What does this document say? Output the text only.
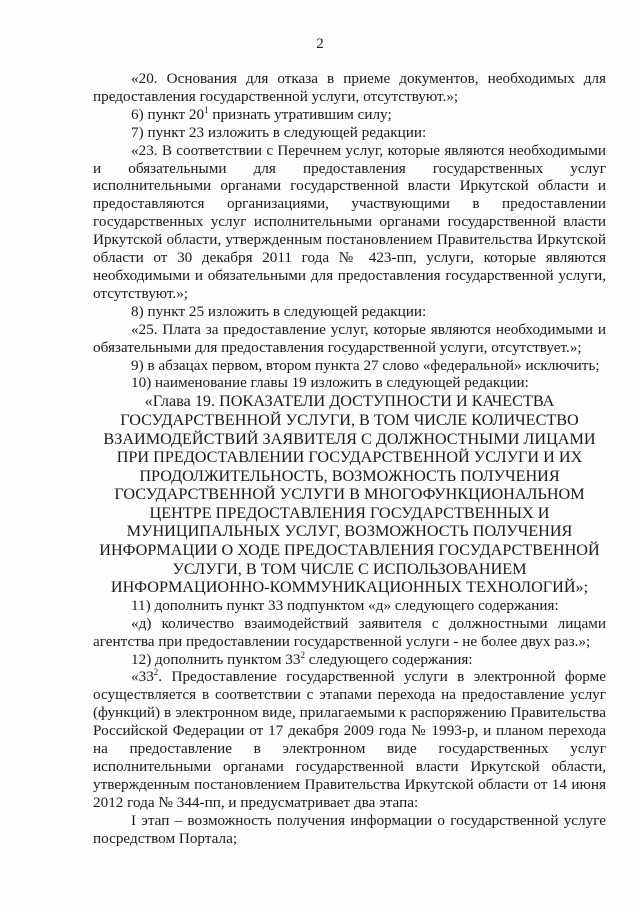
2

«20. Основания для отказа в приеме документов, необходимых для предоставления государственной услуги, отсутствуют.»;

6) пункт $20^1$ признать утратившим силу;

7) пункт 23 изложить в следующей редакции:

«23. В соответствии с Перечнем услуг, которые являются необходимыми и обязательными для предоставления государственных услуг исполнительными органами государственной власти Иркутской области и предоставляются организациями, участвующими в предоставлении государственных услуг исполнительными органами государственной власти Иркутской области, утвержденным постановлением Правительства Иркутской области от 30 декабря 2011 года № 423-пп, услуги, которые являются необходимыми и обязательными для предоставления государственной услуги, отсутствуют.»;

8) пункт 25 изложить в следующей редакции:

«25. Плата за предоставление услуг, которые являются необходимыми и обязательными для предоставления государственной услуги, отсутствует.»;

9) в абзацах первом, втором пункта 27 слово «федеральной» исключить;

10) наименование главы 19 изложить в следующей редакции:

«Глава 19. ПОКАЗАТЕЛИ ДОСТУПНОСТИ И КАЧЕСТВА ГОСУДАРСТВЕННОЙ УСЛУГИ, В ТОМ ЧИСЛЕ КОЛИЧЕСТВО ВЗАИМОДЕЙСТВИЙ ЗАЯВИТЕЛЯ С ДОЛЖНОСТНЫМИ ЛИЦАМИ ПРИ ПРЕДОСТАВЛЕНИИ ГОСУДАРСТВЕННОЙ УСЛУГИ И ИХ ПРОДОЛЖИТЕЛЬНОСТЬ, ВОЗМОЖНОСТЬ ПОЛУЧЕНИЯ ГОСУДАРСТВЕННОЙ УСЛУГИ В МНОГОФУНКЦИОНАЛЬНОМ ЦЕНТРЕ ПРЕДОСТАВЛЕНИЯ ГОСУДАРСТВЕННЫХ И МУНИЦИПАЛЬНЫХ УСЛУГ, ВОЗМОЖНОСТЬ ПОЛУЧЕНИЯ ИНФОРМАЦИИ О ХОДЕ ПРЕДОСТАВЛЕНИЯ ГОСУДАРСТВЕННОЙ УСЛУГИ, В ТОМ ЧИСЛЕ С ИСПОЛЬЗОВАНИЕМ ИНФОРМАЦИОННО-КОММУНИКАЦИОННЫХ ТЕХНОЛОГИЙ»;

11) дополнить пункт 33 подпунктом «д» следующего содержания:

«д) количество взаимодействий заявителя с должностными лицами агентства при предоставлении государственной услуги - не более двух раз.»;

12) дополнить пунктом $33^2$ следующего содержания:

«$33^2$. Предоставление государственной услуги в электронной форме осуществляется в соответствии с этапами перехода на предоставление услуг (функций) в электронном виде, прилагаемыми к распоряжению Правительства Российской Федерации от 17 декабря 2009 года № 1993-р, и планом перехода на предоставление в электронном виде государственных услуг исполнительными органами государственной власти Иркутской области, утвержденным постановлением Правительства Иркутской области от 14 июня 2012 года № 344-пп, и предусматривает два этапа:

I этап – возможность получения информации о государственной услуге посредством Портала;
